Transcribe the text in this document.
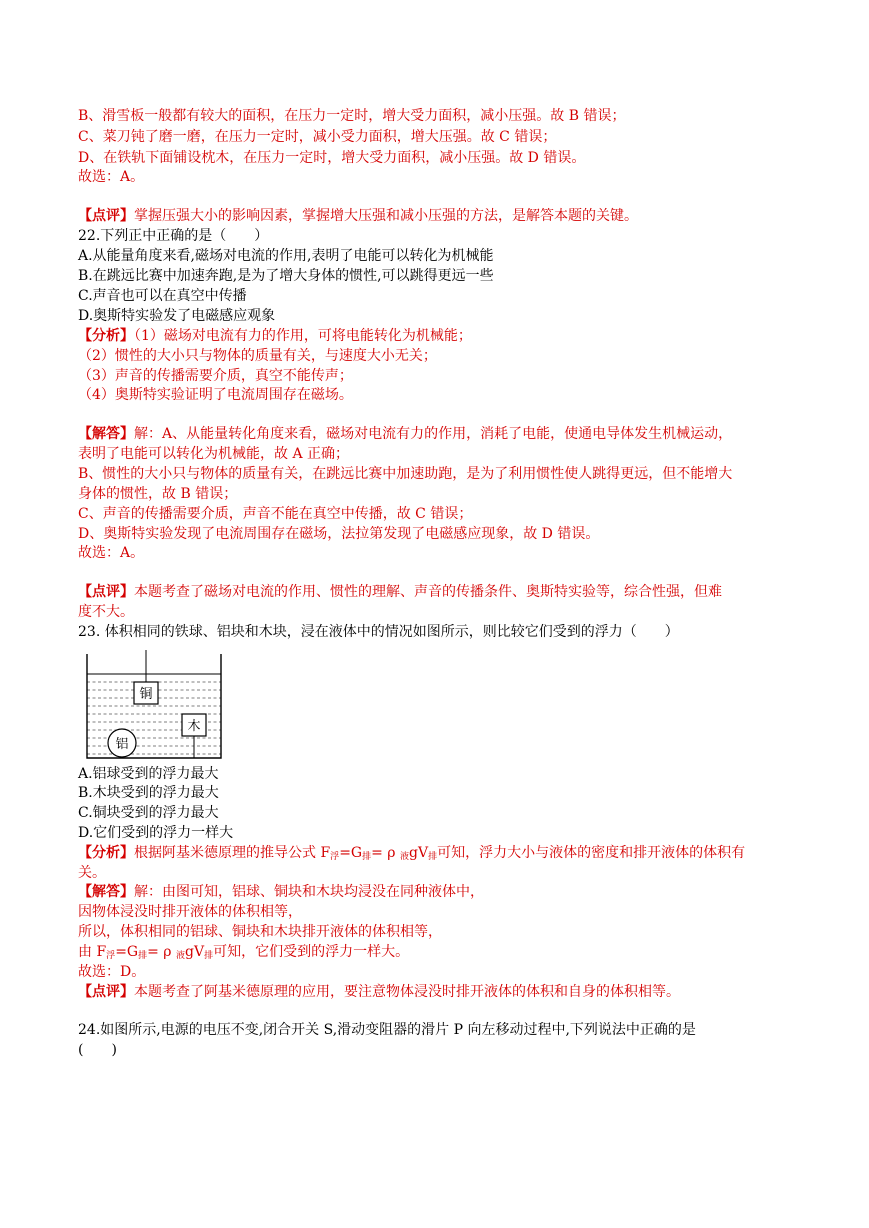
B、滑雪板一般都有较大的面积，在压力一定时，增大受力面积，减小压强。故 B 错误；
C、菜刀钝了磨一磨，在压力一定时，减小受力面积，增大压强。故 C 错误；
D、在铁轨下面铺设枕木，在压力一定时，增大受力面积，减小压强。故 D 错误。
故选：A。
【点评】掌握压强大小的影响因素，掌握增大压强和减小压强的方法，是解答本题的关键。
22.下列正中正确的是（　　）
A.从能量角度来看,磁场对电流的作用,表明了电能可以转化为机械能
B.在跳远比赛中加速奔跑,是为了增大身体的惯性,可以跳得更远一些
C.声音也可以在真空中传播
D.奥斯特实验发了电磁感应观象
【分析】（1）磁场对电流有力的作用，可将电能转化为机械能；
（2）惯性的大小只与物体的质量有关，与速度大小无关；
（3）声音的传播需要介质，真空不能传声；
（4）奥斯特实验证明了电流周围存在磁场。
【解答】解：A、从能量转化角度来看，磁场对电流有力的作用，消耗了电能，使通电导体发生机械运动，
表明了电能可以转化为机械能，故 A 正确；
B、惯性的大小只与物体的质量有关，在跳远比赛中加速助跑，是为了利用惯性使人跳得更远，但不能增大
身体的惯性，故 B 错误；
C、声音的传播需要介质，声音不能在真空中传播，故 C 错误；
D、奥斯特实验发现了电流周围存在磁场，法拉第发现了电磁感应现象，故 D 错误。
故选：A。
【点评】本题考查了磁场对电流的作用、惯性的理解、声音的传播条件、奥斯特实验等，综合性强，但难
度不大。
23. 体积相同的铁球、铝块和木块，浸在液体中的情况如图所示，则比较它们受到的浮力（　　）
铜
木
铝
A.铝球受到的浮力最大
B.木块受到的浮力最大
C.铜块受到的浮力最大
D.它们受到的浮力一样大
【分析】根据阿基米德原理的推导公式 $F_浮=G_排= \rho$ $_液gV_排$可知，浮力大小与液体的密度和排开液体的体积有
关。
【解答】解：由图可知，铝球、铜块和木块均浸没在同种液体中，
因物体浸没时排开液体的体积相等，
所以，体积相同的铝球、铜块和木块排开液体的体积相等，
由 $F_浮=G_排= \rho$ $_液gV_排$可知，它们受到的浮力一样大。
故选：D。
【点评】本题考查了阿基米德原理的应用，要注意物体浸没时排开液体的体积和自身的体积相等。
24.如图所示,电源的电压不变,闭合开关 S,滑动变阻器的滑片 P 向左移动过程中,下列说法中正确的是
(　　)
